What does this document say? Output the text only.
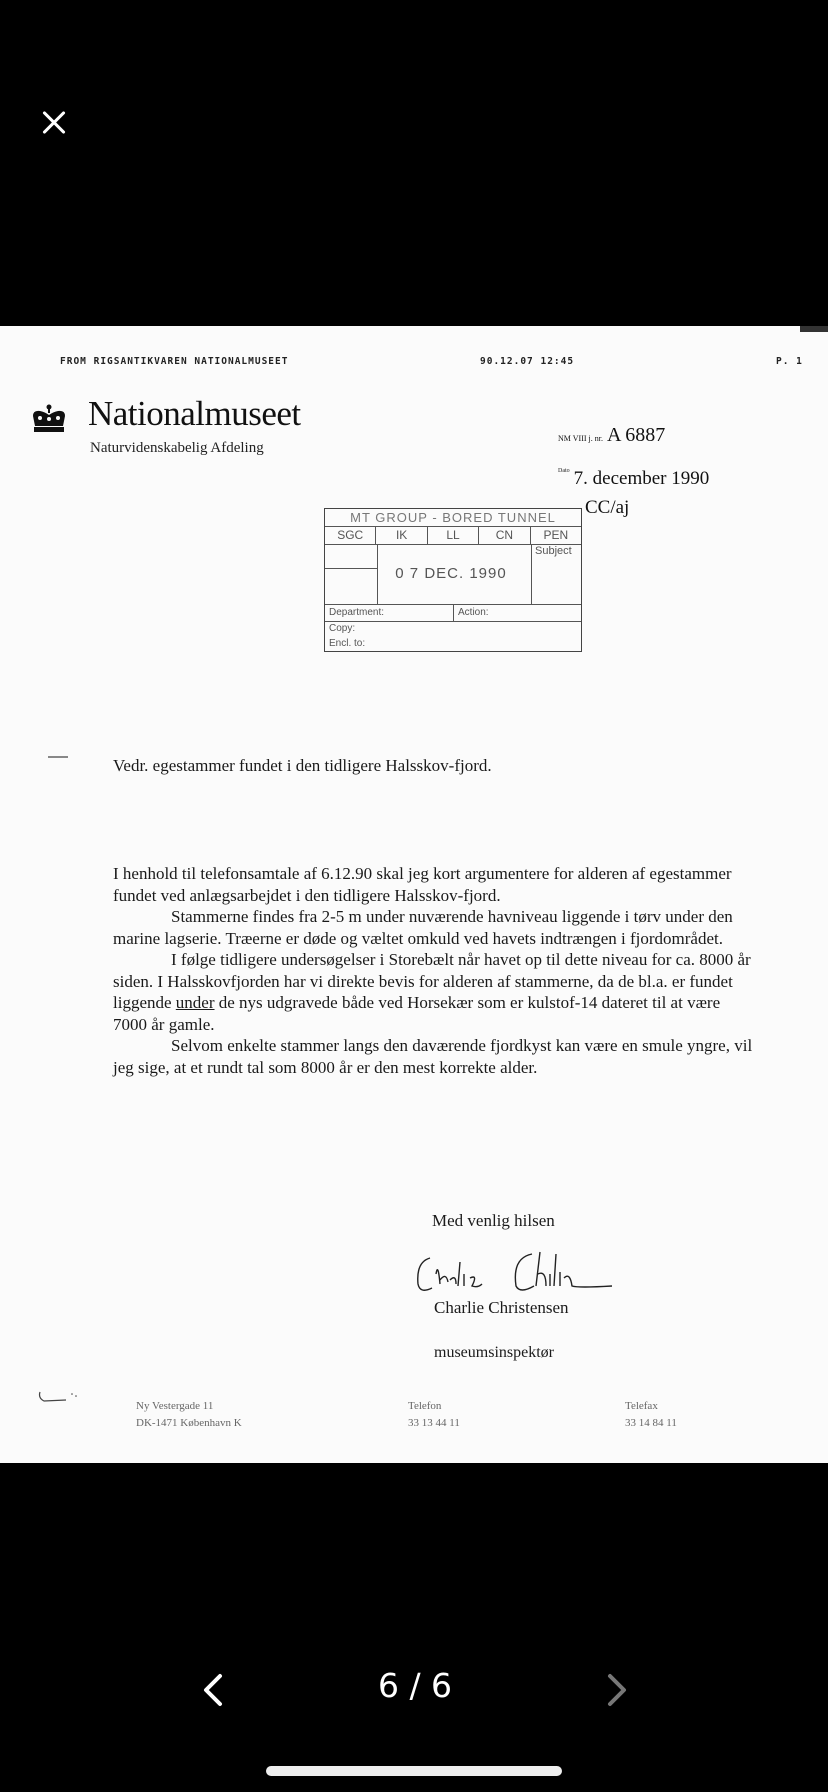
FROM RIGSANTIKVAREN NATIONALMUSEET	90.12.07 12:45	P. 1
Nationalmuseet
Naturvidenskabelig Afdeling
NM VIII j. nr. A 6887
$^{Dato}$ 7. december 1990
CC/aj
MT GROUP - BORED TUNNEL
SGC	IK	LL	CN	PEN
0 7 DEC. 1990
Subject
Department:	Action:
Copy:
Encl. to:
Vedr. egestammer fundet i den tidligere Halsskov-fjord.

I henhold til telefonsamtale af 6.12.90 skal jeg kort argumentere for alderen af egestammer fundet ved anlægsarbejdet i den tidligere Halsskov-fjord.

Stammerne findes fra 2-5 m under nuværende havniveau liggende i tørv under den marine lagserie. Træerne er døde og væltet omkuld ved havets indtrængen i fjordområdet.

I følge tidligere undersøgelser i Storebælt når havet op til dette niveau for ca. 8000 år siden. I Halsskovfjorden har vi direkte bevis for alderen af stammerne, da de bl.a. er fundet liggende under de nys udgravede både ved Horsekær som er kulstof-14 dateret til at være 7000 år gamle.

Selvom enkelte stammer langs den daværende fjordkyst kan være en smule yngre, vil jeg sige, at et rundt tal som 8000 år er den mest korrekte alder.

Med venlig hilsen
Charlie Christensen
museumsinspektør
Ny Vestergade 11
DK-1471 København K
Telefon
33 13 44 11
Telefax
33 14 84 11
6 / 6
